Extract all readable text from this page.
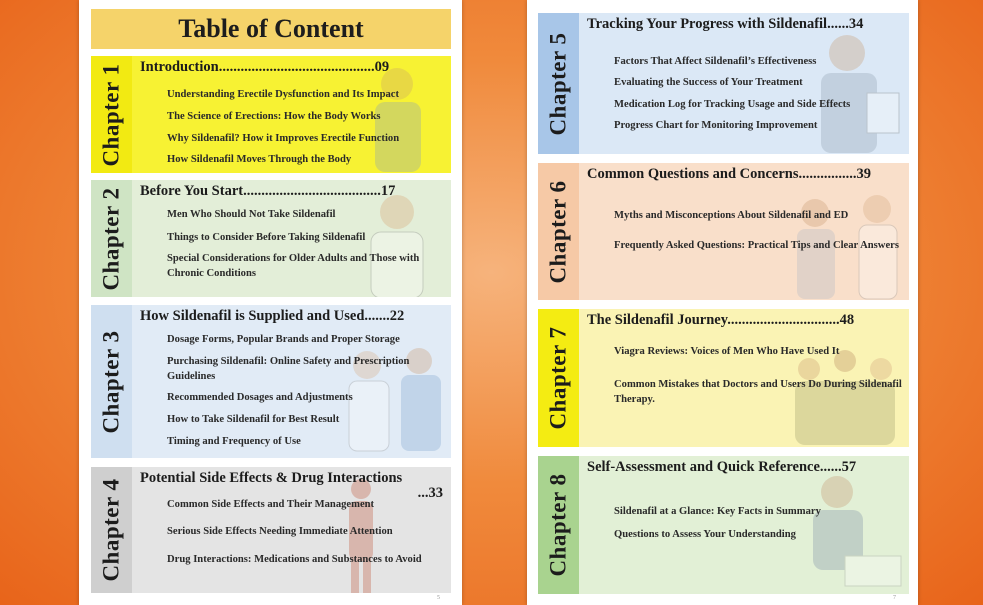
Table of Content
Chapter 1 Introduction...........................................09
Understanding Erectile Dysfunction and Its Impact
The Science of Erections: How the Body Works
Why Sildenafil? How it Improves Erectile Function
How Sildenafil Moves Through the Body
Chapter 2 Before You Start......................................17
Men Who Should Not Take Sildenafil
Things to Consider Before Taking Sildenafil
Special Considerations for Older Adults and Those with Chronic Conditions
Chapter 3
How Sildenafil is Supplied and Used.......22
Dosage Forms, Popular Brands and Proper Storage
Purchasing Sildenafil: Online Safety and Prescription Guidelines
Recommended Dosages and Adjustments
How to Take Sildenafil for Best Result
Timing and Frequency of Use
Chapter 4
Potential Side Effects & Drug Interactions
...33
Common Side Effects and Their Management
Serious Side Effects Needing Immediate Attention
Drug Interactions: Medications and Substances to Avoid
5
Chapter 5
Tracking Your Progress with Sildenafil......34
Factors That Affect Sildenafil’s Effectiveness
Evaluating the Success of Your Treatment
Medication Log for Tracking Usage and Side Effects
Progress Chart for Monitoring Improvement
Chapter 6
Common Questions and Concerns................39
Myths and Misconceptions About Sildenafil and ED
Frequently Asked Questions: Practical Tips and Clear Answers
Chapter 7
The Sildenafil Journey...............................48
Viagra Reviews: Voices of Men Who Have Used It
Common Mistakes that Doctors and Users Do During Sildenafil Therapy.
Chapter 8
Self-Assessment and Quick Reference......57
Sildenafil at a Glance: Key Facts in Summary
Questions to Assess Your Understanding
7
